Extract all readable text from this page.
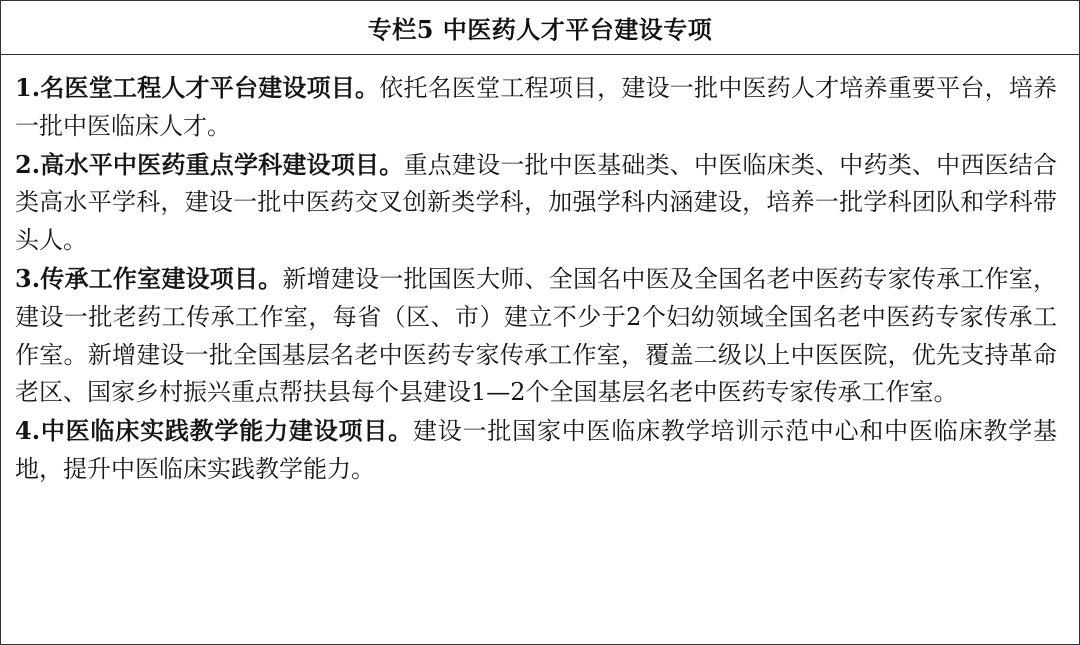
专栏5 中医药人才平台建设专项

1.名医堂工程人才平台建设项目。依托名医堂工程项目，建设一批中医药人才培养重要平台，培养一批中医临床人才。

2.高水平中医药重点学科建设项目。重点建设一批中医基础类、中医临床类、中药类、中西医结合类高水平学科，建设一批中医药交叉创新类学科，加强学科内涵建设，培养一批学科团队和学科带头人。

3.传承工作室建设项目。新增建设一批国医大师、全国名中医及全国名老中医药专家传承工作室，建设一批老药工传承工作室，每省（区、市）建立不少于2个妇幼领域全国名老中医药专家传承工作室。新增建设一批全国基层名老中医药专家传承工作室，覆盖二级以上中医医院，优先支持革命老区、国家乡村振兴重点帮扶县每个县建设1—2个全国基层名老中医药专家传承工作室。

4.中医临床实践教学能力建设项目。建设一批国家中医临床教学培训示范中心和中医临床教学基地，提升中医临床实践教学能力。
